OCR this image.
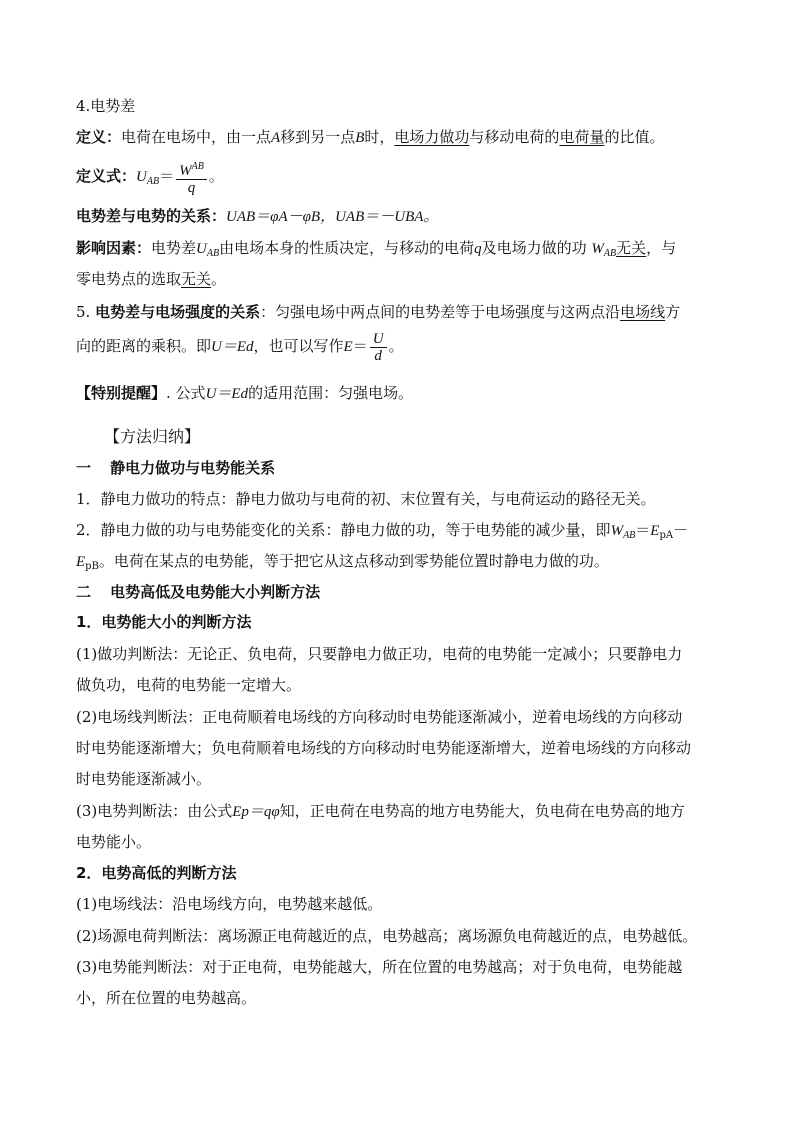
4.电势差
定义：电荷在电场中，由一点A移到另一点B时，电场力做功与移动电荷的电荷量的比值。
定义式：$U_{AB}= \frac{W^{AB}}{q}$ 。
电势差与电势的关系：UAB＝φA－φB，UAB＝－UBA。
影响因素：电势差$U_{AB}$由电场本身的性质决定，与移动的电荷q及电场力做的功 $W_{AB}$无关，与
零电势点的选取无关。
5. 电势差与电场强度的关系：匀强电场中两点间的电势差等于电场强度与这两点沿电场线方
向的距离的乘积。即U＝Ed，也可以写作$E= \frac{U}{d}$ 。
【特别提醒】. 公式U＝Ed的适用范围：匀强电场。
【方法归纳】
一 静电力做功与电势能关系
1．静电力做功的特点：静电力做功与电荷的初、末位置有关，与电荷运动的路径无关。
2．静电力做的功与电势能变化的关系：静电力做的功，等于电势能的减少量，即$W_{AB}=E_{pA}-$
$E_{pB}$。电荷在某点的电势能，等于把它从这点移动到零势能位置时静电力做的功。
二 电势高低及电势能大小判断方法
1．电势能大小的判断方法
(1)做功判断法：无论正、负电荷，只要静电力做正功，电荷的电势能一定减小；只要静电力
做负功，电荷的电势能一定增大。
(2)电场线判断法：正电荷顺着电场线的方向移动时电势能逐渐减小，逆着电场线的方向移动
时电势能逐渐增大；负电荷顺着电场线的方向移动时电势能逐渐增大，逆着电场线的方向移动
时电势能逐渐减小。
(3)电势判断法：由公式Ep＝qφ知，正电荷在电势高的地方电势能大，负电荷在电势高的地方
电势能小。
2．电势高低的判断方法
(1)电场线法：沿电场线方向，电势越来越低。
(2)场源电荷判断法：离场源正电荷越近的点，电势越高；离场源负电荷越近的点，电势越低。
(3)电势能判断法：对于正电荷，电势能越大，所在位置的电势越高；对于负电荷，电势能越
小，所在位置的电势越高。
